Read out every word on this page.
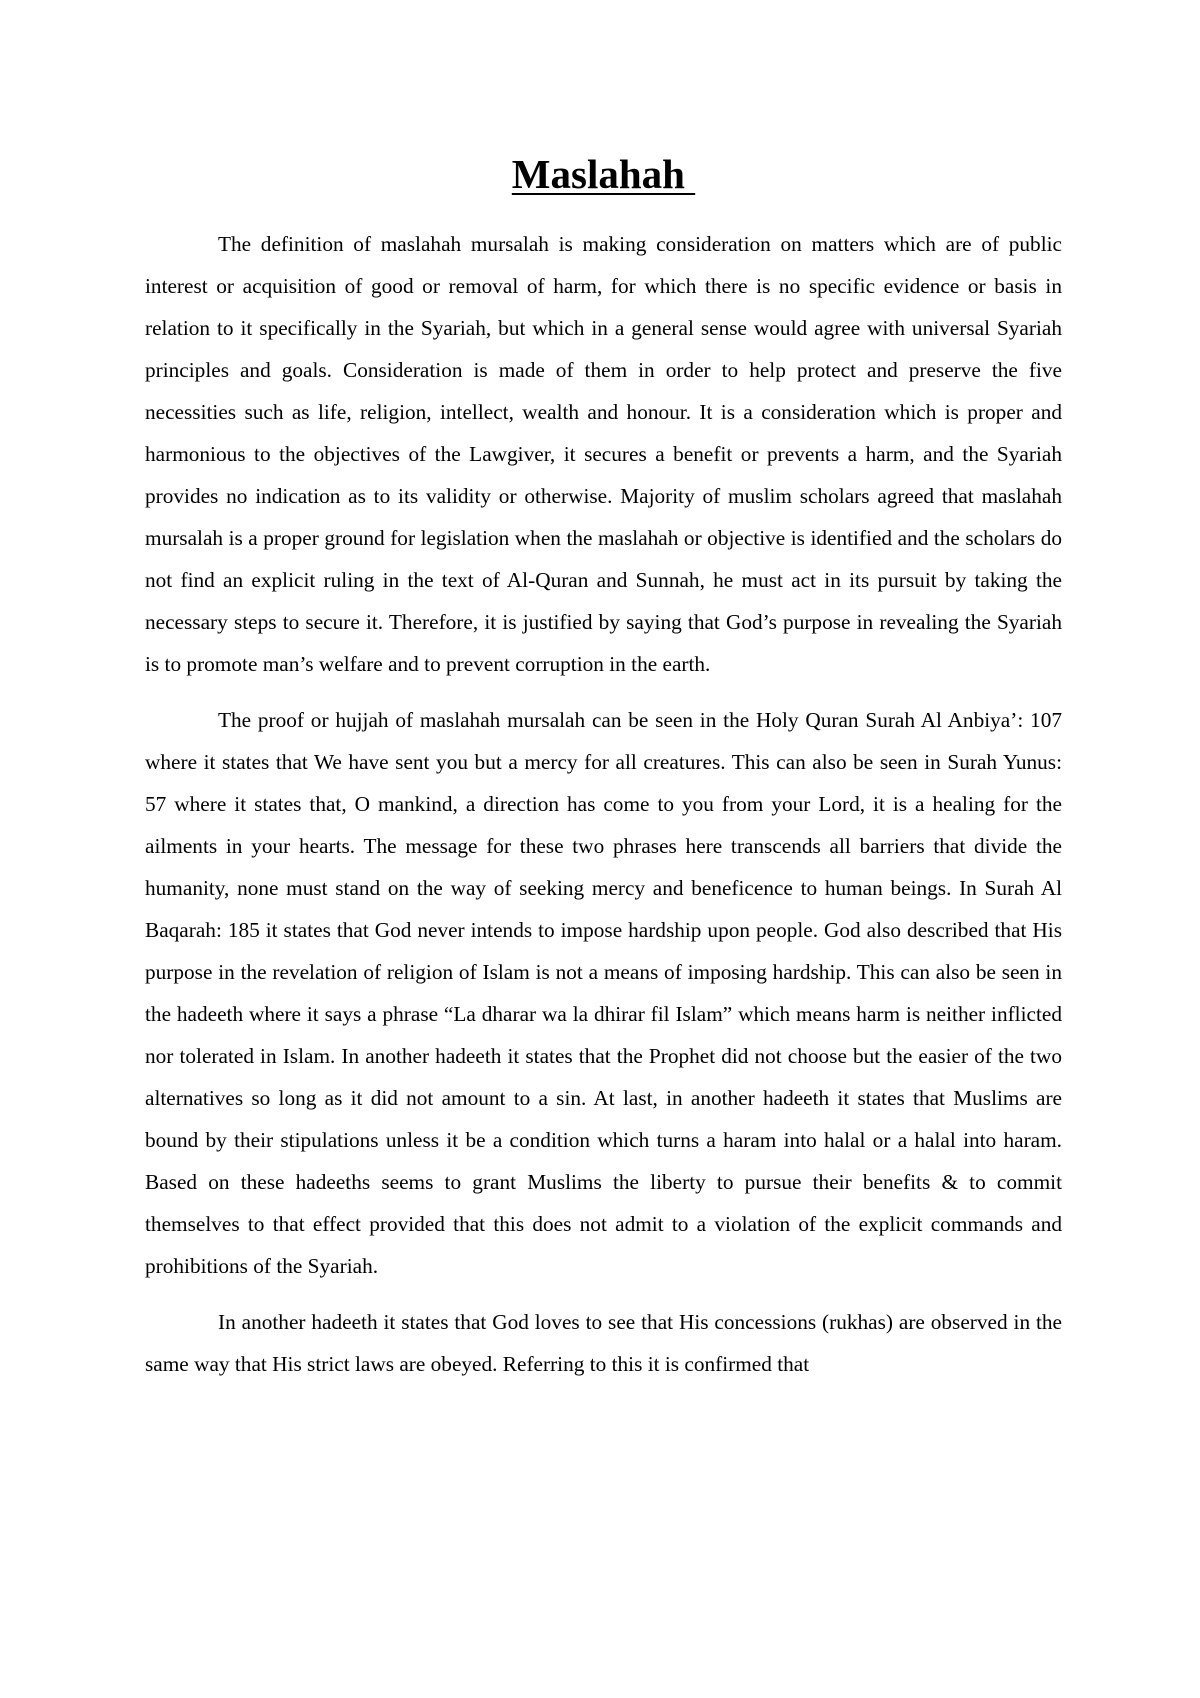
Maslahah

The definition of maslahah mursalah is making consideration on matters which are of public interest or acquisition of good or removal of harm, for which there is no specific evidence or basis in relation to it specifically in the Syariah, but which in a general sense would agree with universal Syariah principles and goals. Consideration is made of them in order to help protect and preserve the five necessities such as life, religion, intellect, wealth and honour. It is a consideration which is proper and harmonious to the objectives of the Lawgiver, it secures a benefit or prevents a harm, and the Syariah provides no indication as to its validity or otherwise. Majority of muslim scholars agreed that maslahah mursalah is a proper ground for legislation when the maslahah or objective is identified and the scholars do not find an explicit ruling in the text of Al-Quran and Sunnah, he must act in its pursuit by taking the necessary steps to secure it. Therefore, it is justified by saying that God’s purpose in revealing the Syariah is to promote man’s welfare and to prevent corruption in the earth.

The proof or hujjah of maslahah mursalah can be seen in the Holy Quran Surah Al Anbiya’: 107 where it states that We have sent you but a mercy for all creatures. This can also be seen in Surah Yunus: 57 where it states that, O mankind, a direction has come to you from your Lord, it is a healing for the ailments in your hearts. The message for these two phrases here transcends all barriers that divide the humanity, none must stand on the way of seeking mercy and beneficence to human beings. In Surah Al Baqarah: 185 it states that God never intends to impose hardship upon people. God also described that His purpose in the revelation of religion of Islam is not a means of imposing hardship. This can also be seen in the hadeeth where it says a phrase “La dharar wa la dhirar fil Islam” which means harm is neither inflicted nor tolerated in Islam. In another hadeeth it states that the Prophet did not choose but the easier of the two alternatives so long as it did not amount to a sin. At last, in another hadeeth it states that Muslims are bound by their stipulations unless it be a condition which turns a haram into halal or a halal into haram. Based on these hadeeths seems to grant Muslims the liberty to pursue their benefits & to commit themselves to that effect provided that this does not admit to a violation of the explicit commands and prohibitions of the Syariah.

In another hadeeth it states that God loves to see that His concessions (rukhas) are observed in the same way that His strict laws are obeyed. Referring to this it is confirmed that
